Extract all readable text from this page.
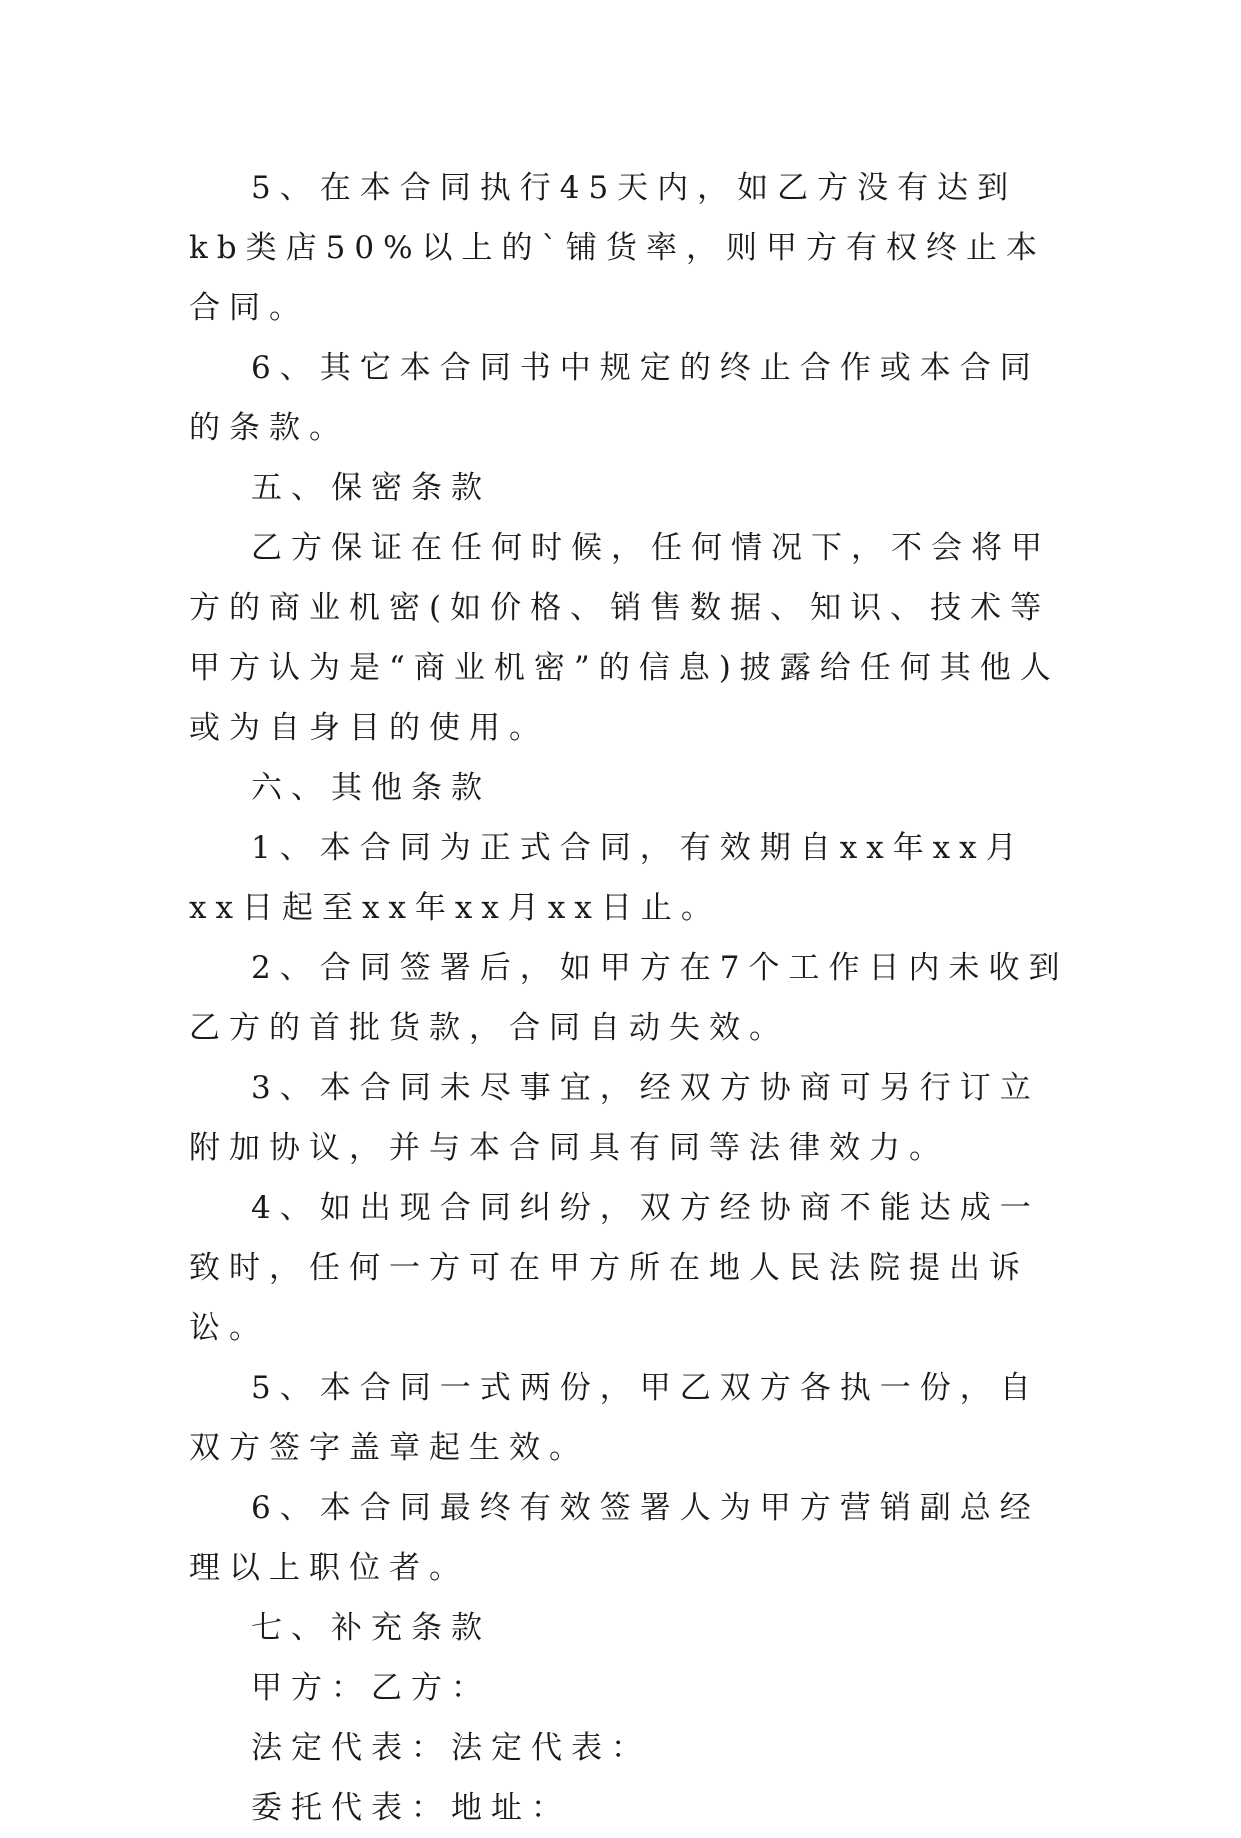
5、在本合同执行45天内，如乙方没有达到kb类店50%以上的`铺货率，则甲方有权终止本合同。

6、其它本合同书中规定的终止合作或本合同的条款。

五、保密条款

乙方保证在任何时候，任何情况下，不会将甲方的商业机密(如价格、销售数据、知识、技术等甲方认为是“商业机密”的信息)披露给任何其他人或为自身目的使用。

六、其他条款

1、本合同为正式合同，有效期自xx年xx月xx日起至xx年xx月xx日止。

2、合同签署后，如甲方在7个工作日内未收到乙方的首批货款，合同自动失效。

3、本合同未尽事宜，经双方协商可另行订立附加协议，并与本合同具有同等法律效力。

4、如出现合同纠纷，双方经协商不能达成一致时，任何一方可在甲方所在地人民法院提出诉讼。

5、本合同一式两份，甲乙双方各执一份，自双方签字盖章起生效。

6、本合同最终有效签署人为甲方营销副总经理以上职位者。

七、补充条款

甲方：乙方：

法定代表：法定代表：

委托代表：地址：
